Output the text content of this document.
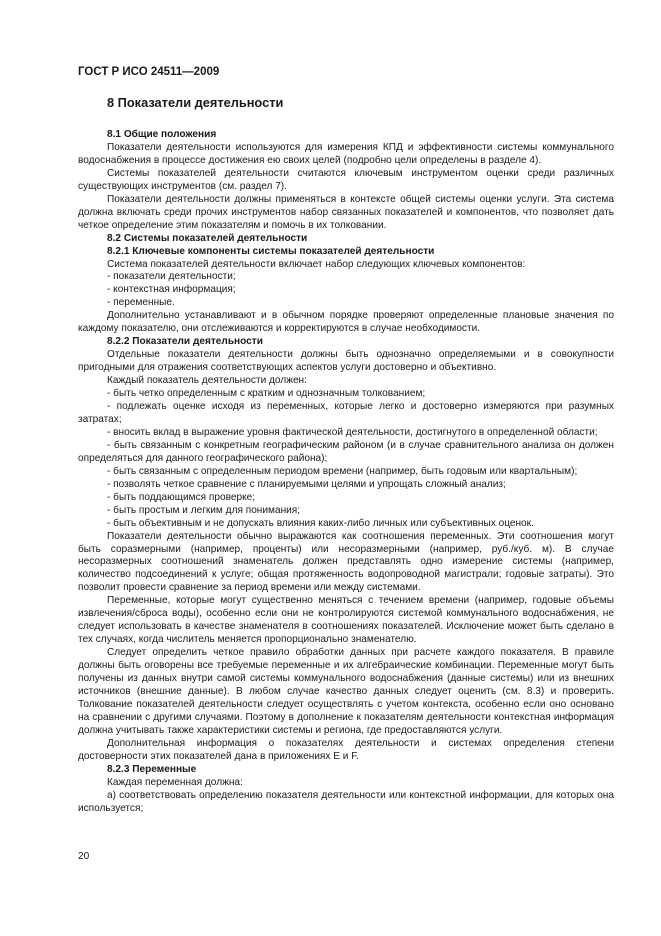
ГОСТ Р ИСО 24511—2009

8 Показатели деятельности

8.1 Общие положения

Показатели деятельности используются для измерения КПД и эффективности системы коммунального водоснабжения в процессе достижения ею своих целей (подробно цели определены в разделе 4).

Системы показателей деятельности считаются ключевым инструментом оценки среди различных существующих инструментов (см. раздел 7).

Показатели деятельности должны применяться в контексте общей системы оценки услуги. Эта система должна включать среди прочих инструментов набор связанных показателей и компонентов, что позволяет дать четкое определение этим показателям и помочь в их толковании.

8.2 Системы показателей деятельности

8.2.1 Ключевые компоненты системы показателей деятельности

Система показателей деятельности включает набор следующих ключевых компонентов:

- показатели деятельности;

- контекстная информация;

- переменные.

Дополнительно устанавливают и в обычном порядке проверяют определенные плановые значения по каждому показателю, они отслеживаются и корректируются в случае необходимости.

8.2.2 Показатели деятельности

Отдельные показатели деятельности должны быть однозначно определяемыми и в совокупности пригодными для отражения соответствующих аспектов услуги достоверно и объективно.

Каждый показатель деятельности должен:

- быть четко определенным с кратким и однозначным толкованием;

- подлежать оценке исходя из переменных, которые легко и достоверно измеряются при разумных затратах;

- вносить вклад в выражение уровня фактической деятельности, достигнутого в определенной области;

- быть связанным с конкретным географическим районом (и в случае сравнительного анализа он должен определяться для данного географического района);

- быть связанным с определенным периодом времени (например, быть годовым или квартальным);

- позволять четкое сравнение с планируемыми целями и упрощать сложный анализ;

- быть поддающимся проверке;

- быть простым и легким для понимания;

- быть объективным и не допускать влияния каких-либо личных или субъективных оценок.

Показатели деятельности обычно выражаются как соотношения переменных. Эти соотношения могут быть соразмерными (например, проценты) или несоразмерными (например, руб./куб. м). В случае несоразмерных соотношений знаменатель должен представлять одно измерение системы (например, количество подсоединений к услуге; общая протяженность водопроводной магистрали; годовые затраты). Это позволит провести сравнение за период времени или между системами.

Переменные, которые могут существенно меняться с течением времени (например, годовые объемы извлечения/сброса воды), особенно если они не контролируются системой коммунального водоснабжения, не следует использовать в качестве знаменателя в соотношениях показателей. Исключение может быть сделано в тех случаях, когда числитель меняется пропорционально знаменателю.

Следует определить четкое правило обработки данных при расчете каждого показателя. В правиле должны быть оговорены все требуемые переменные и их алгебраические комбинации. Переменные могут быть получены из данных внутри самой системы коммунального водоснабжения (данные системы) или из внешних источников (внешние данные). В любом случае качество данных следует оценить (см. 8.3) и проверить. Толкование показателей деятельности следует осуществлять с учетом контекста, особенно если оно основано на сравнении с другими случаями. Поэтому в дополнение к показателям деятельности контекстная информация должна учитывать также характеристики системы и региона, где предоставляются услуги.

Дополнительная информация о показателях деятельности и системах определения степени достоверности этих показателей дана в приложениях E и F.

8.2.3 Переменные

Каждая переменная должна:

а) соответствовать определению показателя деятельности или контекстной информации, для которых она используется;

20
